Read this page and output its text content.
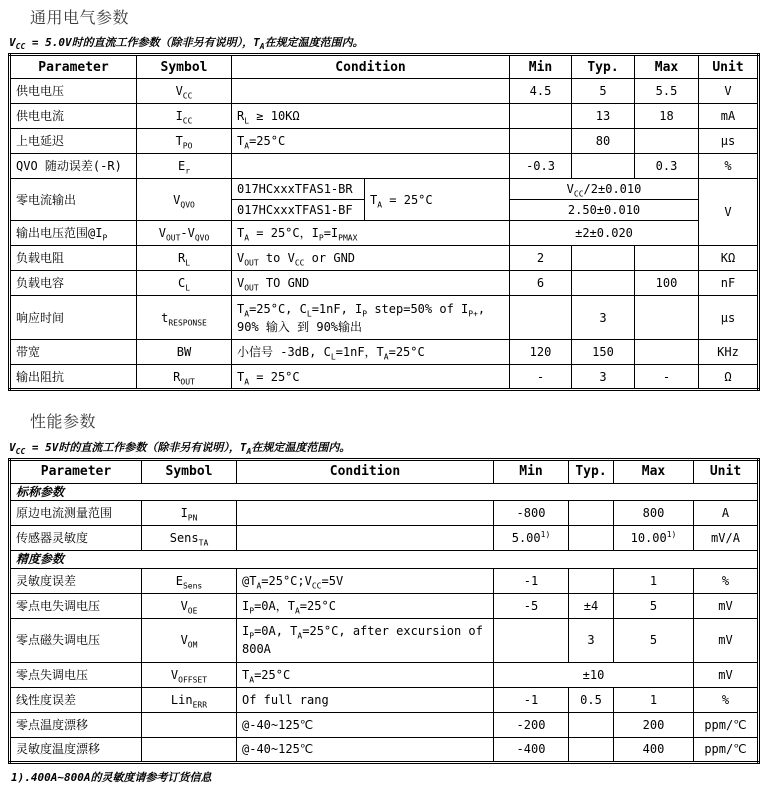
通用电气参数

$V_{CC} = 5.0V$时的直流工作参数（除非另有说明），$T_A$在规定温度范围内。

Parameter	Symbol	Condition		Min	Typ.	Max	Unit
供电电压	$V_{CC}$			4.5	5	5.5	V
供电电流	$I_{CC}$	$R_L \ge 10K\Omega$			13	18	mA
上电延迟	$T_{PO}$	$T_A=25^\circ C$			80		μs
QVO 随动误差(-R)	$E_r$			-0.3		0.3	%
零电流输出	$V_{QVO}$	017HCxxxTFAS1-BR	$T_A = 25^\circ C$	$V_{CC}/2\pm 0.010$			V
		017HCxxxTFAS1-BF		2.50±0.010			
输出电压范围$@I_P$	$V_{OUT}-V_{QVO}$	$T_A = 25^\circ C$，$I_P=I_{PMAX}$		±2±0.020			
负载电阻	$R_L$	$V_{OUT}$ to $V_{CC}$ or GND		2			KΩ
负载电容	$C_L$	$V_{OUT}$ TO GND		6		100	nF
响应时间	$t_{RESPONSE}$	$T_A=25^\circ C$, $C_L=1nF$, $I_P$ step=50% of $I_{P+}$, 90% 输入 到 90%输出			3		μs
带宽	BW	小信号 -3dB, $C_L=1nF$，$T_A=25^\circ C$		120	150		KHz
输出阻抗	$R_{OUT}$	$T_A = 25^\circ C$		-	3	-	Ω
性能参数

$V_{CC} = 5V$时的直流工作参数（除非另有说明），$T_A$在规定温度范围内。

Parameter	Symbol	Condition	Min	Typ.	Max	Unit
标称参数						
原边电流测量范围	$I_{PN}$		-800		800	A
传感器灵敏度	Sens$_{TA}$		5.00$^{1)}$		10.00$^{1)}$	mV/A
精度参数						
灵敏度误差	$E_{Sens}$	$@T_A=25^\circ C;V_{CC}=5V$	-1		1	%
零点电失调电压	$V_{OE}$	$I_P=0A$，$T_A=25^\circ C$	-5	±4	5	mV
零点磁失调电压	$V_{OM}$	$I_P=0A$, $T_A=25^\circ C$, after excursion of 800A		3	5	mV
零点失调电压	$V_{OFFSET}$	$T_A=25^\circ C$	±10			mV
线性度误差	Lin$_{ERR}$	Of full rang	-1	0.5	1	%
零点温度漂移		@-40~125℃	-200		200	ppm/℃
灵敏度温度漂移		@-40~125℃	-400		400	ppm/℃

1).400A~800A的灵敏度请参考订货信息
